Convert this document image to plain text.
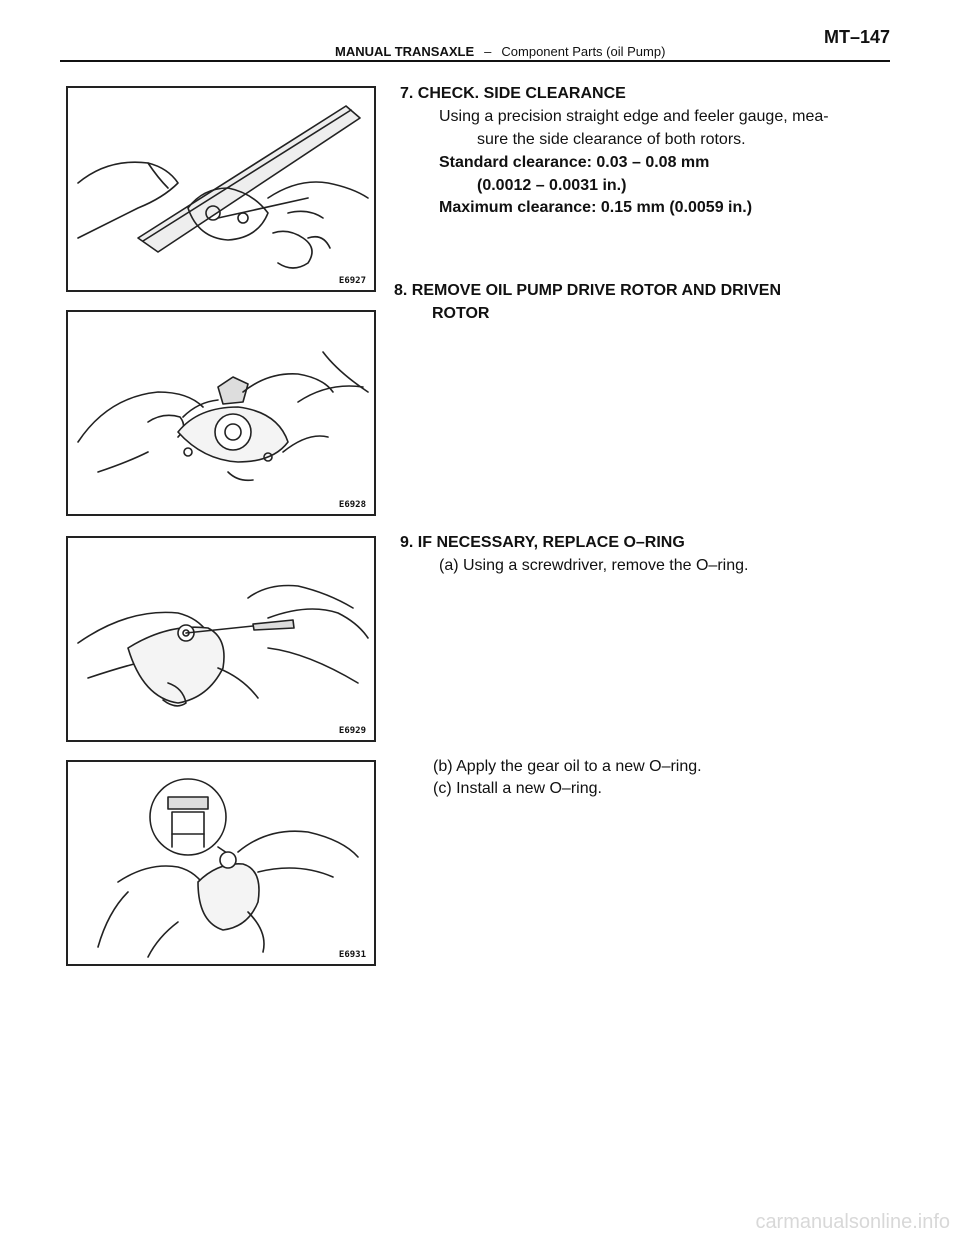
MANUAL TRANSAXLE – Component Parts (oil Pump)
MT–147
E6927
7. CHECK. SIDE CLEARANCE
Using a precision straight edge and feeler gauge, mea-
sure the side clearance of both rotors.
Standard clearance: 0.03 – 0.08 mm
(0.0012 – 0.0031 in.)
Maximum clearance: 0.15 mm (0.0059 in.)
E6928
8. REMOVE OIL PUMP DRIVE ROTOR AND DRIVEN
ROTOR
E6929
9. IF NECESSARY, REPLACE O–RING
(a) Using a screwdriver, remove the O–ring.
E6931
(b) Apply the gear oil to a new O–ring.
(c) Install a new O–ring.
carmanualsonline.info
